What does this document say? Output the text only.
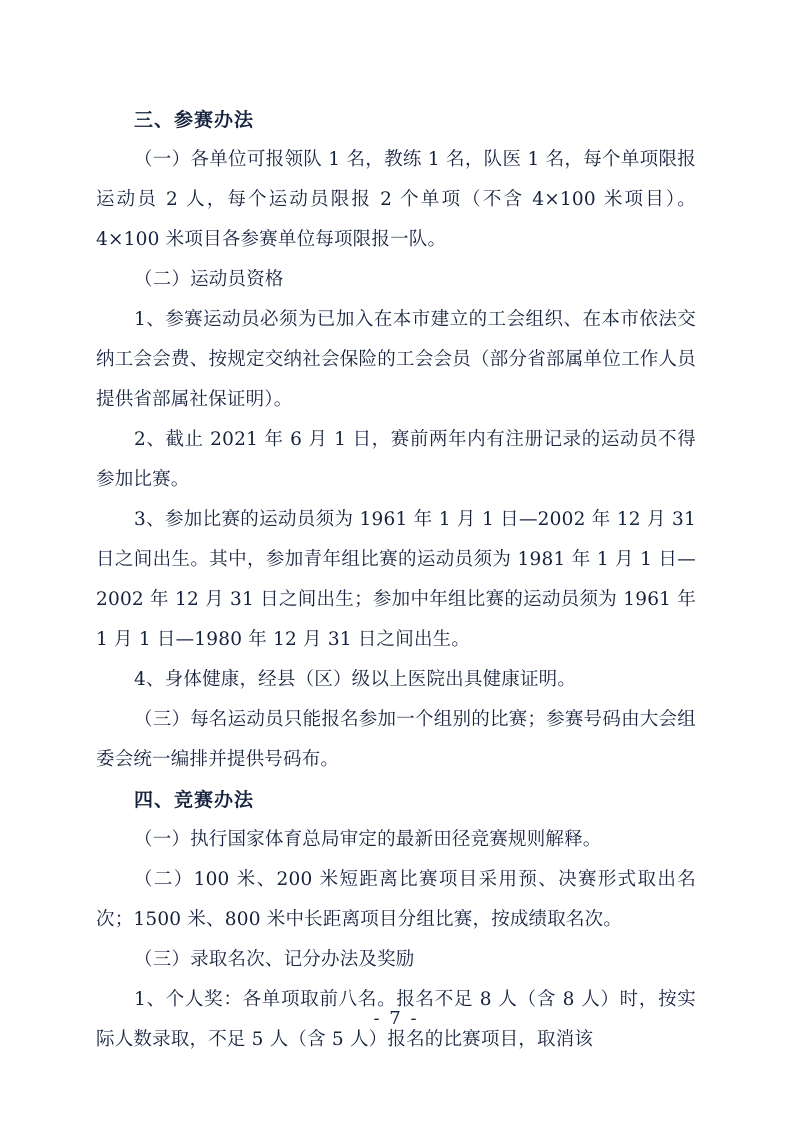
三、参赛办法

（一）各单位可报领队 1 名，教练 1 名，队医 1 名，每个单项限报运动员 2 人，每个运动员限报 2 个单项（不含 4×100 米项目）。4×100 米项目各参赛单位每项限报一队。

（二）运动员资格

1、参赛运动员必须为已加入在本市建立的工会组织、在本市依法交纳工会会费、按规定交纳社会保险的工会会员（部分省部属单位工作人员提供省部属社保证明）。

2、截止 2021 年 6 月 1 日，赛前两年内有注册记录的运动员不得参加比赛。

3、参加比赛的运动员须为 1961 年 1 月 1 日—2002 年 12 月 31 日之间出生。其中，参加青年组比赛的运动员须为 1981 年 1 月 1 日—2002 年 12 月 31 日之间出生；参加中年组比赛的运动员须为 1961 年 1 月 1 日—1980 年 12 月 31 日之间出生。

4、身体健康，经县（区）级以上医院出具健康证明。

（三）每名运动员只能报名参加一个组别的比赛；参赛号码由大会组委会统一编排并提供号码布。

四、竞赛办法

（一）执行国家体育总局审定的最新田径竞赛规则解释。

（二）100 米、200 米短距离比赛项目采用预、决赛形式取出名次；1500 米、800 米中长距离项目分组比赛，按成绩取名次。

（三）录取名次、记分办法及奖励

1、个人奖：各单项取前八名。报名不足 8 人（含 8 人）时，按实际人数录取，不足 5 人（含 5 人）报名的比赛项目，取消该

- 7 -
